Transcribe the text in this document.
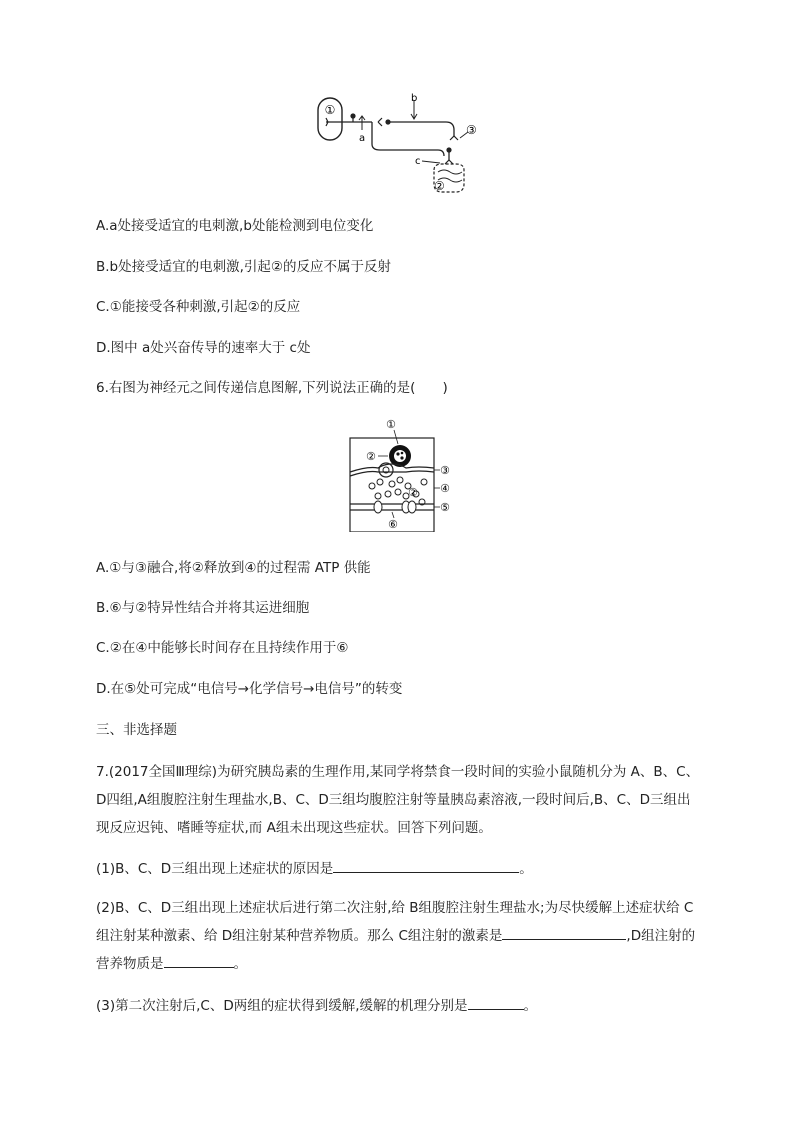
①
a
b
③
c
②
A.a处接受适宜的电刺激,b处能检测到电位变化
B.b处接受适宜的电刺激,引起②的反应不属于反射
C.①能接受各种刺激,引起②的反应
D.图中 a处兴奋传导的速率大于 c处
6.右图为神经元之间传递信息图解,下列说法正确的是(　　)
①
②
③
② ④
⑤
⑥
A.①与③融合,将②释放到④的过程需 ATP 供能
B.⑥与②特异性结合并将其运进细胞
C.②在④中能够长时间存在且持续作用于⑥
D.在⑤处可完成“电信号→化学信号→电信号”的转变
三、非选择题
7.(2017全国Ⅲ理综)为研究胰岛素的生理作用,某同学将禁食一段时间的实验小鼠随机分为 A、B、C、D四组,A组腹腔注射生理盐水,B、C、D三组均腹腔注射等量胰岛素溶液,一段时间后,B、C、D三组出现反应迟钝、嗜睡等症状,而 A组未出现这些症状。回答下列问题。
(1)B、C、D三组出现上述症状的原因是	。
(2)B、C、D三组出现上述症状后进行第二次注射,给 B组腹腔注射生理盐水;为尽快缓解上述症状给 C组注射某种激素、给 D组注射某种营养物质。那么 C组注射的激素是	,D组注射的营养物质是	。
(3)第二次注射后,C、D两组的症状得到缓解,缓解的机理分别是	。
